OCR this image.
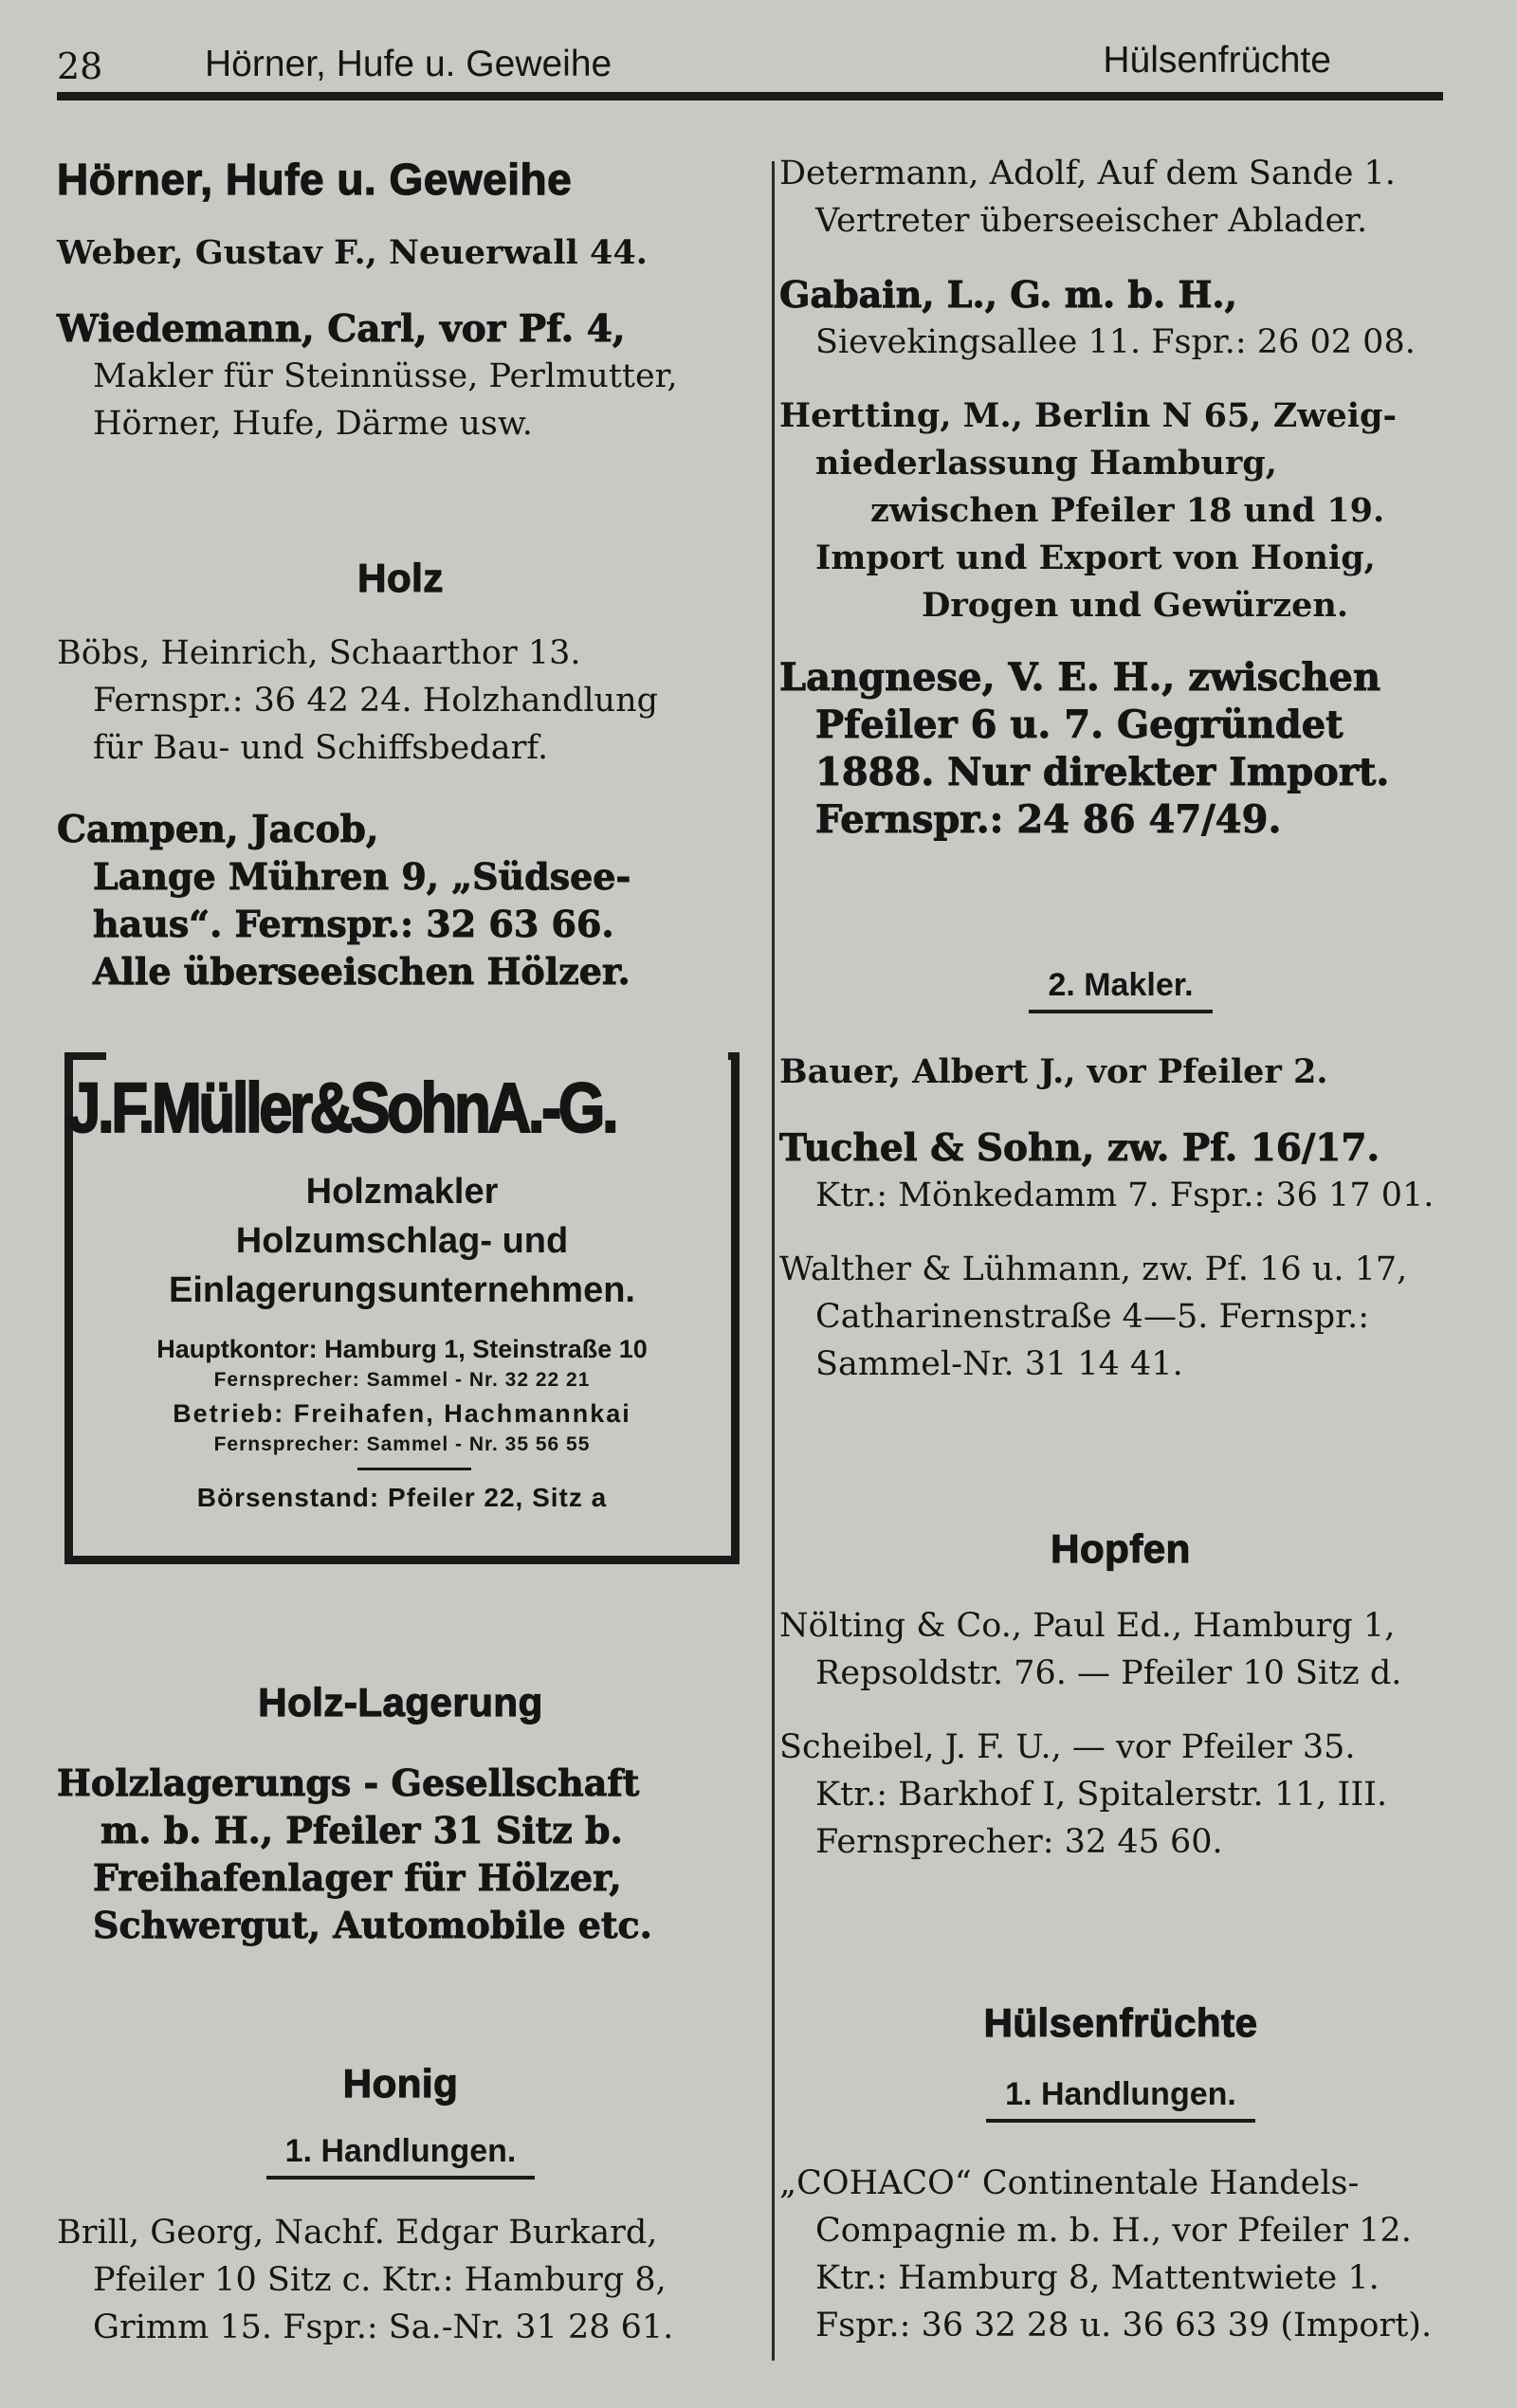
28	Hörner, Hufe u. Geweihe	Hülsenfrüchte
Hörner, Hufe u. Geweihe
Weber, Gustav F., Neuerwall 44.
Wiedemann, Carl, vor Pf. 4,
Makler für Steinnüsse, Perlmutter,
Hörner, Hufe, Därme usw.
Holz
Böbs, Heinrich, Schaarthor 13.
Fernspr.: 36 42 24. Holzhandlung
für Bau- und Schiffsbedarf.
Campen, Jacob,
Lange Mühren 9, „Südsee-
haus“. Fernspr.: 32 63 66.
Alle überseeischen Hölzer.
J.F.Müller&SohnA.-G.
Holzmakler
Holzumschlag- und
Einlagerungsunternehmen.
Hauptkontor: Hamburg 1, Steinstraße 10
Fernsprecher: Sammel - Nr. 32 22 21
Betrieb: Freihafen, Hachmannkai
Fernsprecher: Sammel - Nr. 35 56 55
Börsenstand: Pfeiler 22, Sitz a
Holz-Lagerung
Holzlagerungs - Gesellschaft
m. b. H., Pfeiler 31 Sitz b.
Freihafenlager für Hölzer,
Schwergut, Automobile etc.
Honig
1. Handlungen.
Brill, Georg, Nachf. Edgar Burkard,
Pfeiler 10 Sitz c. Ktr.: Hamburg 8,
Grimm 15. Fspr.: Sa.-Nr. 31 28 61.
Determann, Adolf, Auf dem Sande 1.
Vertreter überseeischer Ablader.
Gabain, L., G. m. b. H.,
Sievekingsallee 11. Fspr.: 26 02 08.
Hertting, M., Berlin N 65, Zweig-
niederlassung Hamburg,
zwischen Pfeiler 18 und 19.
Import und Export von Honig,
Drogen und Gewürzen.
Langnese, V. E. H., zwischen
Pfeiler 6 u. 7. Gegründet
1888. Nur direkter Import.
Fernspr.: 24 86 47/49.
2. Makler.
Bauer, Albert J., vor Pfeiler 2.
Tuchel & Sohn, zw. Pf. 16/17.
Ktr.: Mönkedamm 7. Fspr.: 36 17 01.
Walther & Lühmann, zw. Pf. 16 u. 17,
Catharinenstraße 4—5. Fernspr.:
Sammel-Nr. 31 14 41.
Hopfen
Nölting & Co., Paul Ed., Hamburg 1,
Repsoldstr. 76. — Pfeiler 10 Sitz d.
Scheibel, J. F. U., — vor Pfeiler 35.
Ktr.: Barkhof I, Spitalerstr. 11, III.
Fernsprecher: 32 45 60.
Hülsenfrüchte
1. Handlungen.
„COHACO“ Continentale Handels-
Compagnie m. b. H., vor Pfeiler 12.
Ktr.: Hamburg 8, Mattentwiete 1.
Fspr.: 36 32 28 u. 36 63 39 (Import).
